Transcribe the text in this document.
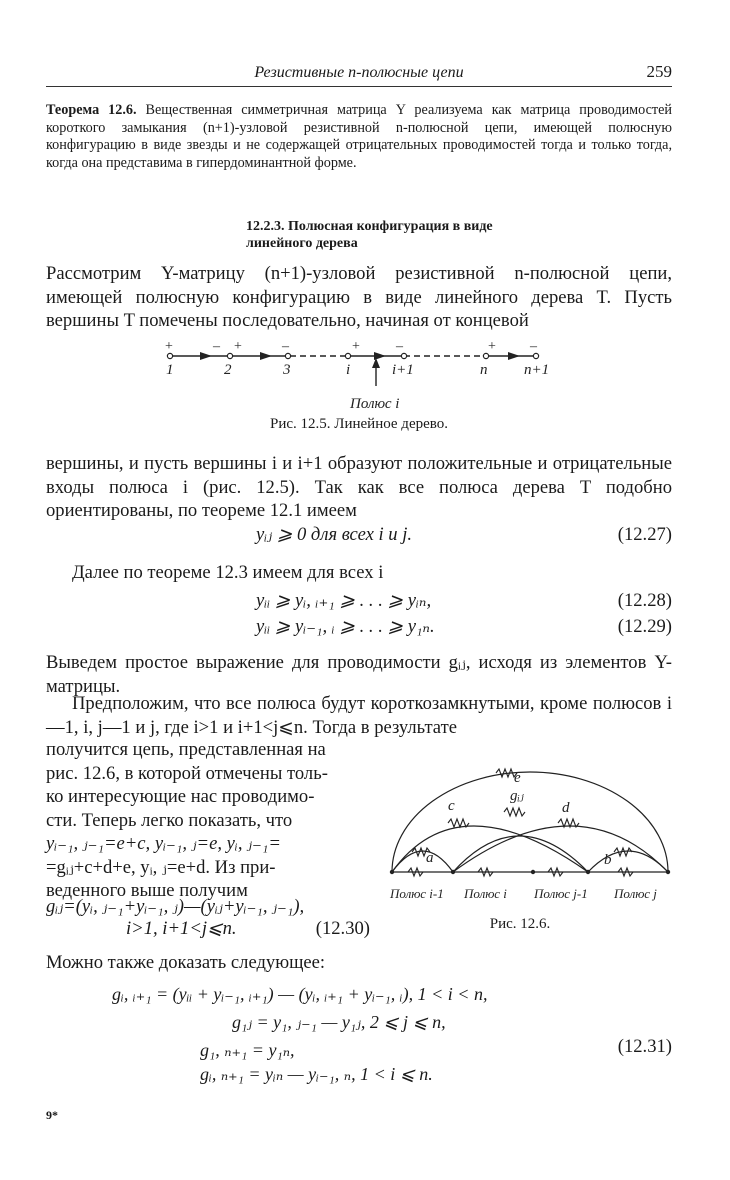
Резистивные n-полюсные цепи	259
Теорема 12.6. Вещественная симметричная матрица Y реализуема как матрица проводимостей короткого замыкания (n+1)-узловой резистивной n-полюсной цепи, имеющей полюсную конфигурацию в виде звезды и не содержащей отрицательных проводимостей тогда и только тогда, когда она представима в гипердоминантной форме.
12.2.3. Полюсная конфигурация в виде
линейного дерева
Рассмотрим Y-матрицу (n+1)-узловой резистивной n-полюсной цепи, имеющей полюсную конфигурацию в виде линейного дерева T. Пусть вершины T помечены последовательно, начиная от концевой
+	– +	–	+	–	+ –
1	2	3	i	i+1	n n+1
Полюс i
Рис. 12.5. Линейное дерево.
вершины, и пусть вершины i и i+1 образуют положительные и отрицательные входы полюса i (рис. 12.5). Так как все полюса дерева T подобно ориентированы, по теореме 12.1 имеем
yᵢⱼ ⩾ 0 для всех i и j.	(12.27)
Далее по теореме 12.3 имеем для всех i
yᵢᵢ ⩾ yᵢ, ᵢ₊₁ ⩾ . . . ⩾ yᵢₙ,	(12.28)
yᵢᵢ ⩾ yᵢ₋₁, ᵢ ⩾ . . . ⩾ y₁ₙ.	(12.29)
Выведем простое выражение для проводимости gᵢⱼ, исходя из элементов Y-матрицы.
Предположим, что все полюса будут короткозамкнутыми, кроме полюсов i—1, i, j—1 и j, где i>1 и i+1<j⩽n. Тогда в результате
получится цепь, представленная на
рис. 12.6, в которой отмечены толь-
ко интересующие нас проводимо-
сти. Теперь легко показать, что
yᵢ₋₁, ⱼ₋₁=e+c, yᵢ₋₁, ⱼ=e, yᵢ, ⱼ₋₁=
=gᵢⱼ+c+d+e, yᵢ, ⱼ=e+d. Из при-
веденного выше получим
gᵢⱼ=(yᵢ, ⱼ₋₁+yᵢ₋₁, ⱼ)—(yᵢⱼ+yᵢ₋₁, ⱼ₋₁),
i>1, i+1<j⩽n.	(12.30)
e
gᵢⱼ
c	d
a	b
Полюс i-1 Полюс i Полюс j-1 Полюс j
Рис. 12.6.
Можно также доказать следующее:
gᵢ, ᵢ₊₁ = (yᵢᵢ + yᵢ₋₁, ᵢ₊₁) — (yᵢ, ᵢ₊₁ + yᵢ₋₁, ᵢ), 1 < i < n,
g₁ⱼ = y₁, ⱼ₋₁ — y₁ⱼ, 2 ⩽ j ⩽ n,
g₁, ₙ₊₁ = y₁ₙ,
gᵢ, ₙ₊₁ = yᵢₙ — yᵢ₋₁, ₙ, 1 < i ⩽ n.
(12.31)
9*
